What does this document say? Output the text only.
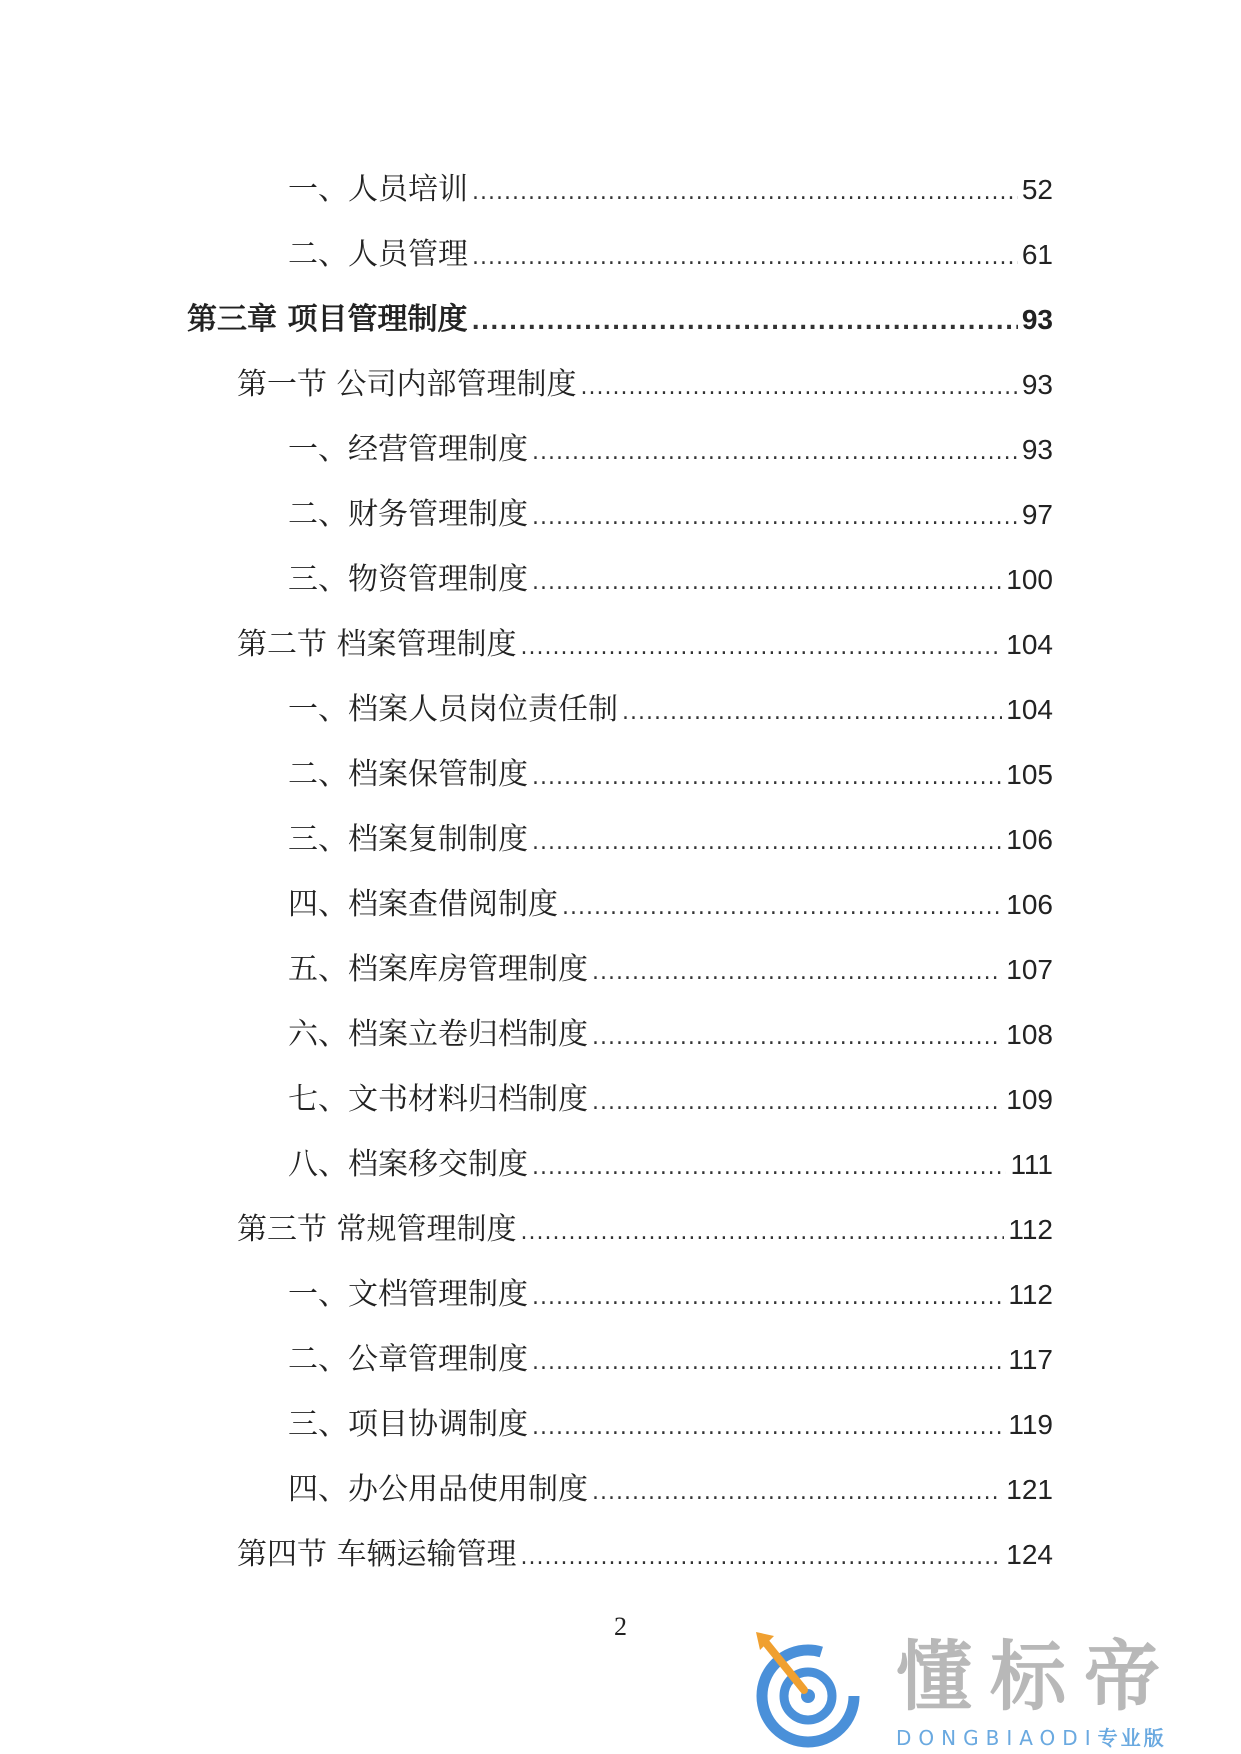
一、人员培训 .....	52
二、人员管理 .....	61
第三章 项目管理制度 .....	93
第一节 公司内部管理制度 .....	93
一、经营管理制度 .....	93
二、财务管理制度 .....	97
三、物资管理制度 .....	100
第二节 档案管理制度 .....	104
一、档案人员岗位责任制 .....	104
二、档案保管制度 .....	105
三、档案复制制度 .....	106
四、档案查借阅制度 .....	106
五、档案库房管理制度 .....	107
六、档案立卷归档制度 .....	108
七、文书材料归档制度 .....	109
八、档案移交制度 .....	111
第三节 常规管理制度 .....	112
一、文档管理制度 .....	112
二、公章管理制度 .....	117
三、项目协调制度 .....	119
四、办公用品使用制度 .....	121
第四节 车辆运输管理 .....	124
2
懂标帝
DONGBIAODI专业版
